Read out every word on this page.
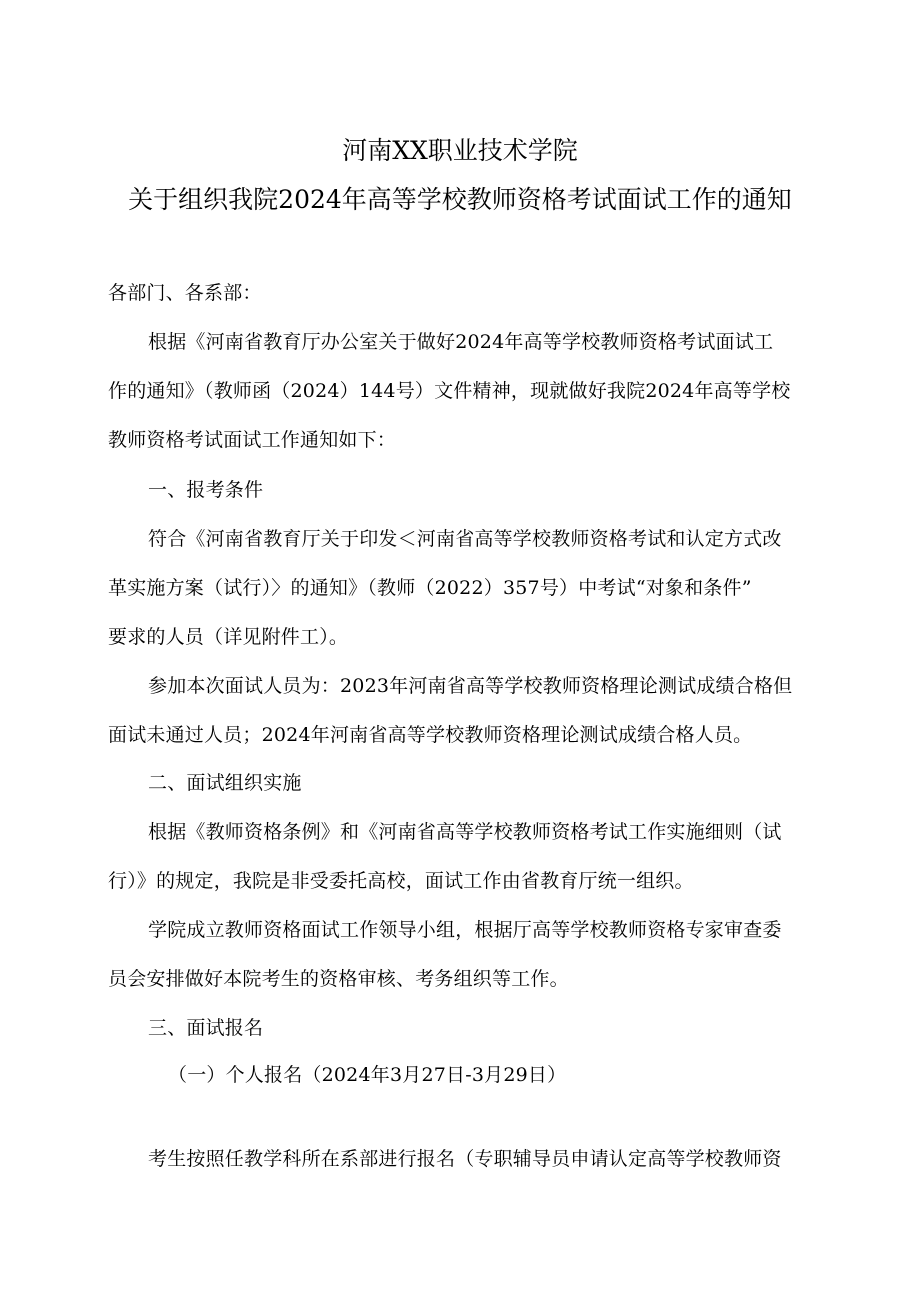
河南XX职业技术学院
关于组织我院2024年高等学校教师资格考试面试工作的通知
各部门、各系部：
根据《河南省教育厅办公室关于做好2024年高等学校教师资格考试面试工
作的通知》（教师函（2024）144号）文件精神，现就做好我院2024年高等学校
教师资格考试面试工作通知如下：
一、报考条件
符合《河南省教育厅关于印发＜河南省高等学校教师资格考试和认定方式改
革实施方案（试行）〉的通知》（教师（2022）357号）中考试“对象和条件”
要求的人员（详见附件工）。
参加本次面试人员为：2023年河南省高等学校教师资格理论测试成绩合格但
面试未通过人员；2024年河南省高等学校教师资格理论测试成绩合格人员。
二、面试组织实施
根据《教师资格条例》和《河南省高等学校教师资格考试工作实施细则（试
行）》的规定，我院是非受委托高校，面试工作由省教育厅统一组织。
学院成立教师资格面试工作领导小组，根据厅高等学校教师资格专家审查委
员会安排做好本院考生的资格审核、考务组织等工作。
三、面试报名
（一）个人报名（2024年3月27日-3月29日）
考生按照任教学科所在系部进行报名（专职辅导员申请认定高等学校教师资
